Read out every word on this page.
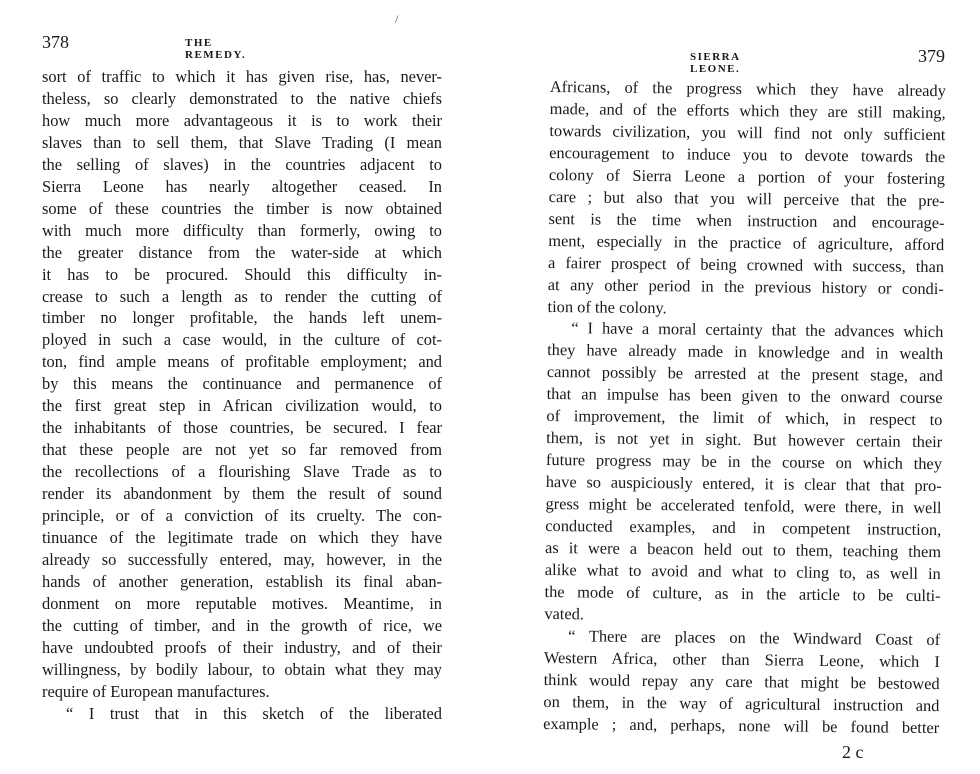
/
378	THE REMEDY.
sort of traffic to which it has given rise, has, never-
theless, so clearly demonstrated to the native chiefs
how much more advantageous it is to work their
slaves than to sell them, that Slave Trading (I mean
the selling of slaves) in the countries adjacent to
Sierra Leone has nearly altogether ceased. In
some of these countries the timber is now obtained
with much more difficulty than formerly, owing to
the greater distance from the water-side at which
it has to be procured. Should this difficulty in-
crease to such a length as to render the cutting of
timber no longer profitable, the hands left unem-
ployed in such a case would, in the culture of cot-
ton, find ample means of profitable employment; and
by this means the continuance and permanence of
the first great step in African civilization would, to
the inhabitants of those countries, be secured. I fear
that these people are not yet so far removed from
the recollections of a flourishing Slave Trade as to
render its abandonment by them the result of sound
principle, or of a conviction of its cruelty. The con-
tinuance of the legitimate trade on which they have
already so successfully entered, may, however, in the
hands of another generation, establish its final aban-
donment on more reputable motives. Meantime, in
the cutting of timber, and in the growth of rice, we
have undoubted proofs of their industry, and of their
willingness, by bodily labour, to obtain what they may
require of European manufactures.
“ I trust that in this sketch of the liberated
SIERRA LEONE.
379
Africans, of the progress which they have already
made, and of the efforts which they are still making,
towards civilization, you will find not only sufficient
encouragement to induce you to devote towards the
colony of Sierra Leone a portion of your fostering
care ; but also that you will perceive that the pre-
sent is the time when instruction and encourage-
ment, especially in the practice of agriculture, afford
a fairer prospect of being crowned with success, than
at any other period in the previous history or condi-
tion of the colony.
“ I have a moral certainty that the advances which
they have already made in knowledge and in wealth
cannot possibly be arrested at the present stage, and
that an impulse has been given to the onward course
of improvement, the limit of which, in respect to
them, is not yet in sight. But however certain their
future progress may be in the course on which they
have so auspiciously entered, it is clear that that pro-
gress might be accelerated tenfold, were there, in well
conducted examples, and in competent instruction,
as it were a beacon held out to them, teaching them
alike what to avoid and what to cling to, as well in
the mode of culture, as in the article to be culti-
vated.
“ There are places on the Windward Coast of
Western Africa, other than Sierra Leone, which I
think would repay any care that might be bestowed
on them, in the way of agricultural instruction and
example ; and, perhaps, none will be found better
2 c
